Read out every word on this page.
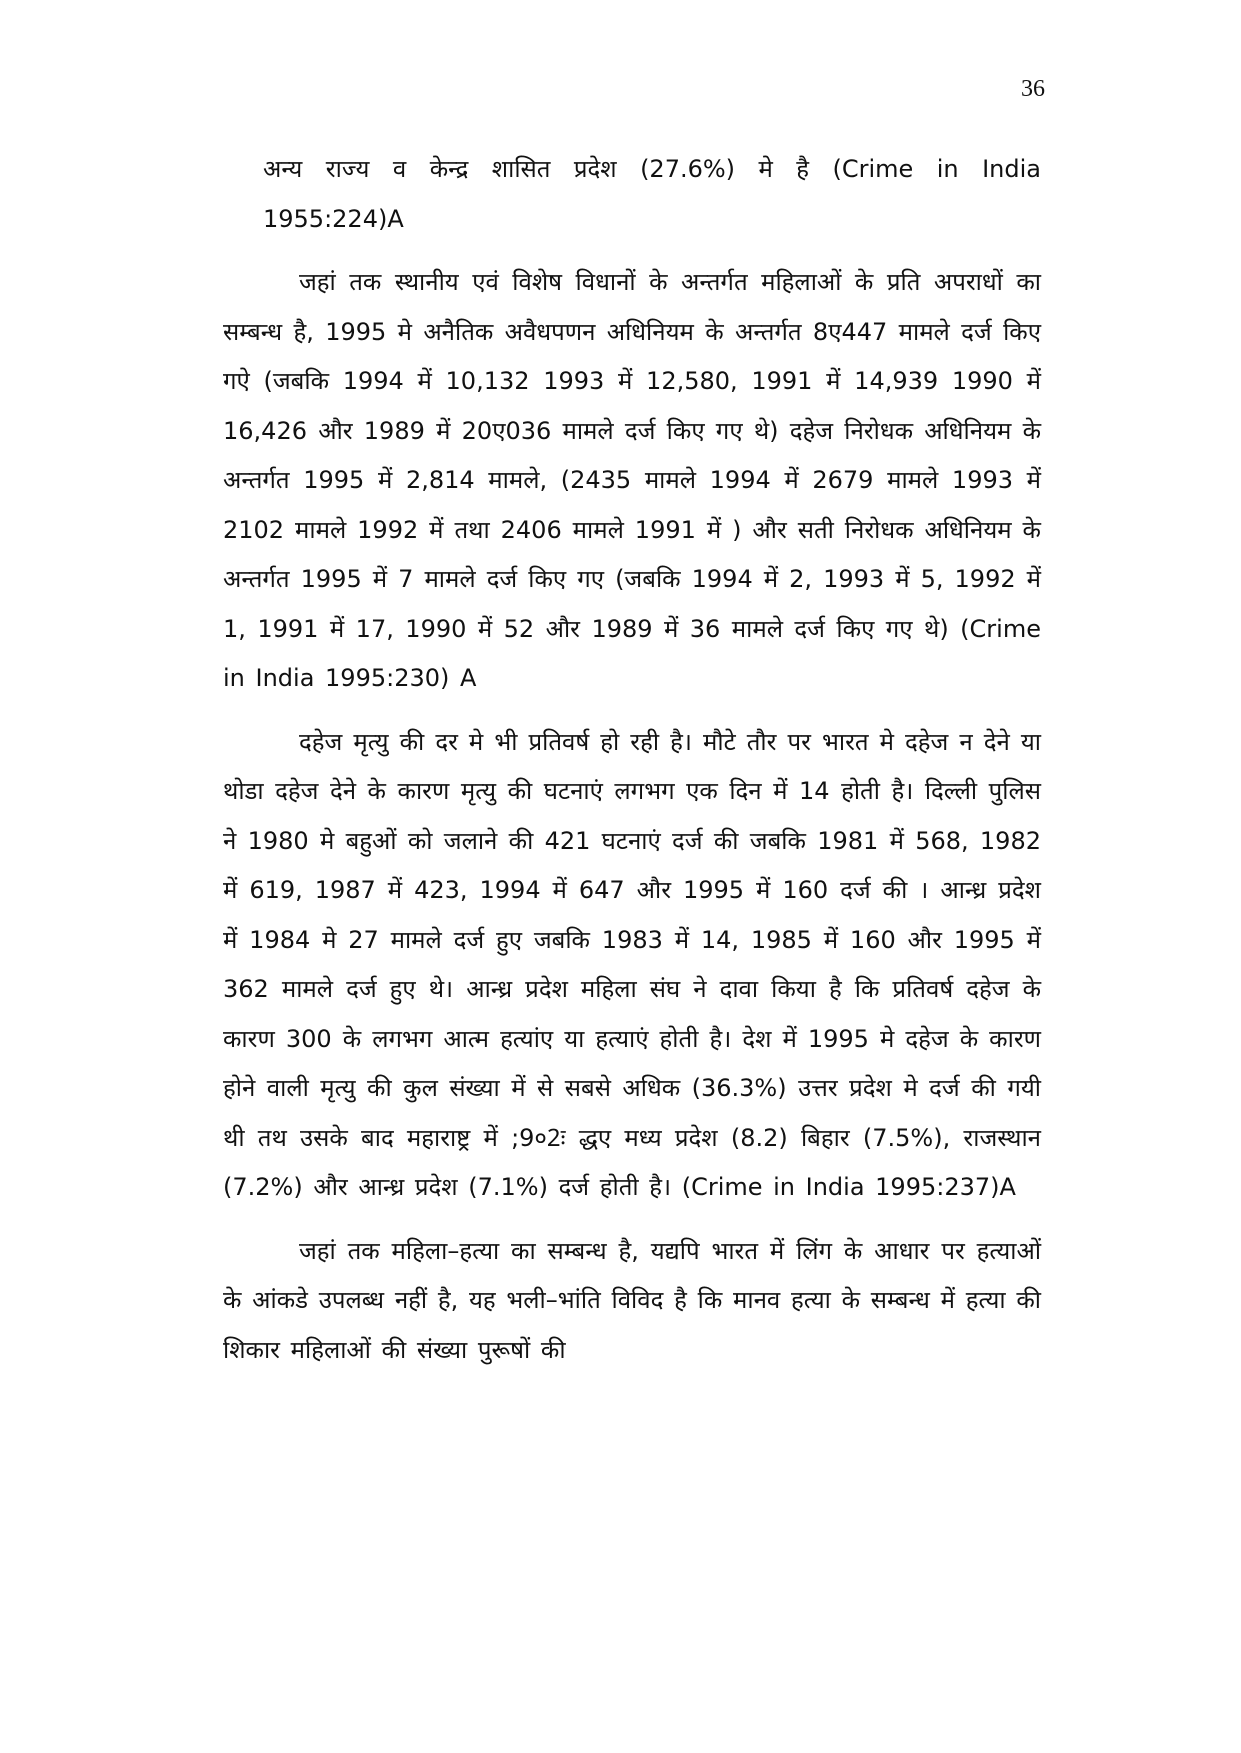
36

अन्य राज्य व केन्द्र शासित प्रदेश (27.6%) मे है (Crime in India 1955:224)A

जहां तक स्थानीय एवं विशेष विधानों के अन्तर्गत महिलाओं के प्रति अपराधों का सम्बन्ध है, 1995 मे अनैतिक अवैधपणन अधिनियम के अन्तर्गत 8ए447 मामले दर्ज किए गऐ (जबकि 1994 में 10,132 1993 में 12,580, 1991 में 14,939 1990 में 16,426 और 1989 में 20ए036 मामले दर्ज किए गए थे) दहेज निरोधक अधिनियम के अन्तर्गत 1995 में 2,814 मामले, (2435 मामले 1994 में 2679 मामले 1993 में 2102 मामले 1992 में तथा 2406 मामले 1991 में ) और सती निरोधक अधिनियम के अन्तर्गत 1995 में 7 मामले दर्ज किए गए (जबकि 1994 में 2, 1993 में 5, 1992 में 1, 1991 में 17, 1990 में 52 और 1989 में 36 मामले दर्ज किए गए थे) (Crime in India 1995:230) A

दहेज मृत्यु की दर मे भी प्रतिवर्ष हो रही है। मौटे तौर पर भारत मे दहेज न देने या थोडा दहेज देने के कारण मृत्यु की घटनाएं लगभग एक दिन में 14 होती है। दिल्ली पुलिस ने 1980 मे बहुओं को जलाने की 421 घटनाएं दर्ज की जबकि 1981 में 568, 1982 में 619, 1987 में 423, 1994 में 647 और 1995 में 160 दर्ज की । आन्ध्र प्रदेश में 1984 मे 27 मामले दर्ज हुए जबकि 1983 में 14, 1985 में 160 और 1995 में 362 मामले दर्ज हुए थे। आन्ध्र प्रदेश महिला संघ ने दावा किया है कि प्रतिवर्ष दहेज के कारण 300 के लगभग आत्म हत्यांए या हत्याएं होती है। देश में 1995 मे दहेज के कारण होने वाली मृत्यु की कुल संख्या में से सबसे अधिक (36.3%) उत्तर प्रदेश मे दर्ज की गयी थी तथ उसके बाद महाराष्ट्र में ;9०2ः द्धए मध्य प्रदेश (8.2) बिहार (7.5%), राजस्थान (7.2%) और आन्ध्र प्रदेश (7.1%) दर्ज होती है। (Crime in India 1995:237)A

जहां तक महिला–हत्या का सम्बन्ध है, यद्यपि भारत में लिंग के आधार पर हत्याओं के आंकडे उपलब्ध नहीं है, यह भली–भांति विविद है कि मानव हत्या के सम्बन्ध में हत्या की शिकार महिलाओं की संख्या पुरूषों की
